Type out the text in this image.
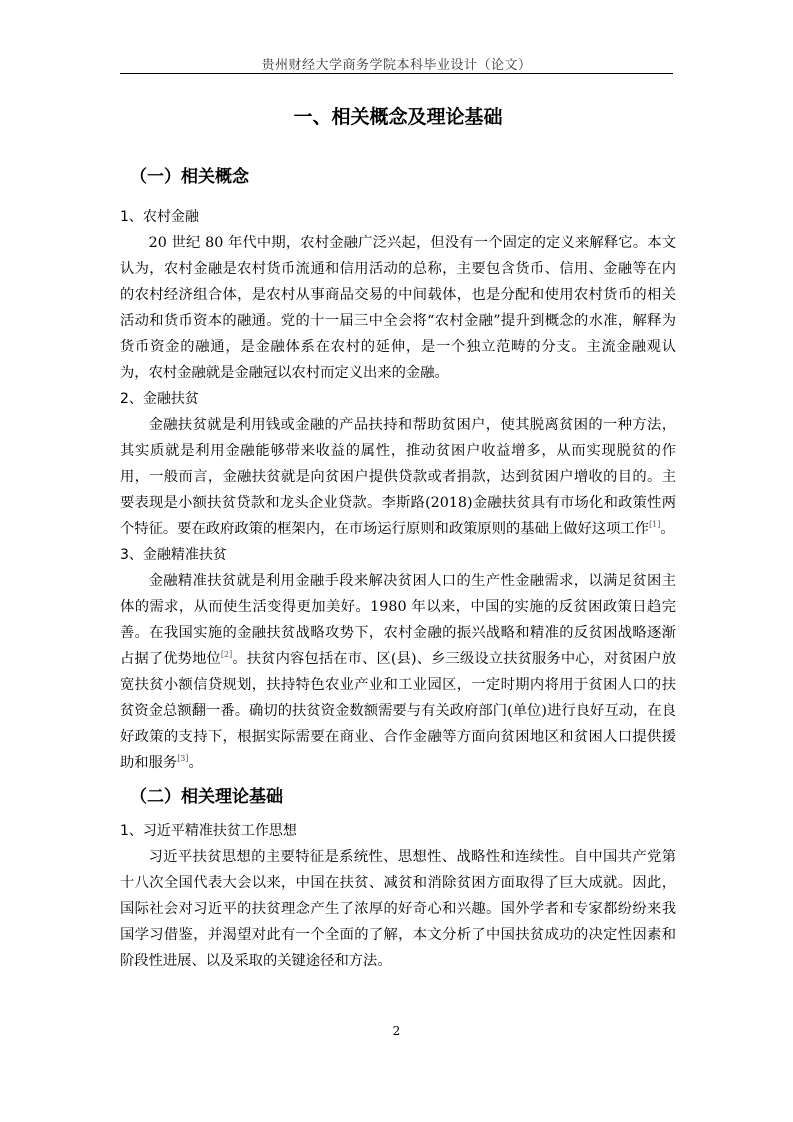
贵州财经大学商务学院本科毕业设计（论文）
一、相关概念及理论基础
（一）相关概念
1、农村金融

20 世纪 80 年代中期，农村金融广泛兴起，但没有一个固定的定义来解释它。本文认为，农村金融是农村货币流通和信用活动的总称，主要包含货币、信用、金融等在内的农村经济组合体，是农村从事商品交易的中间载体，也是分配和使用农村货币的相关活动和货币资本的融通。党的十一届三中全会将“农村金融”提升到概念的水准，解释为货币资金的融通，是金融体系在农村的延伸，是一个独立范畴的分支。主流金融观认为，农村金融就是金融冠以农村而定义出来的金融。

2、金融扶贫

金融扶贫就是利用钱或金融的产品扶持和帮助贫困户，使其脱离贫困的一种方法，其实质就是利用金融能够带来收益的属性，推动贫困户收益增多，从而实现脱贫的作用，一般而言，金融扶贫就是向贫困户提供贷款或者捐款，达到贫困户增收的目的。主要表现是小额扶贫贷款和龙头企业贷款。李斯路(2018)金融扶贫具有市场化和政策性两个特征。要在政府政策的框架内，在市场运行原则和政策原则的基础上做好这项工作[1]。

3、金融精准扶贫

金融精准扶贫就是利用金融手段来解决贫困人口的生产性金融需求，以满足贫困主体的需求，从而使生活变得更加美好。1980 年以来，中国的实施的反贫困政策日趋完善。在我国实施的金融扶贫战略攻势下，农村金融的振兴战略和精准的反贫困战略逐渐占据了优势地位[2]。扶贫内容包括在市、区(县)、乡三级设立扶贫服务中心，对贫困户放宽扶贫小额信贷规划，扶持特色农业产业和工业园区，一定时期内将用于贫困人口的扶贫资金总额翻一番。确切的扶贫资金数额需要与有关政府部门(单位)进行良好互动，在良好政策的支持下，根据实际需要在商业、合作金融等方面向贫困地区和贫困人口提供援助和服务[3]。

（二）相关理论基础
1、习近平精准扶贫工作思想

习近平扶贫思想的主要特征是系统性、思想性、战略性和连续性。自中国共产党第十八次全国代表大会以来，中国在扶贫、减贫和消除贫困方面取得了巨大成就。因此，国际社会对习近平的扶贫理念产生了浓厚的好奇心和兴趣。国外学者和专家都纷纷来我国学习借鉴，并渴望对此有一个全面的了解，本文分析了中国扶贫成功的决定性因素和阶段性进展、以及采取的关键途径和方法。

2
